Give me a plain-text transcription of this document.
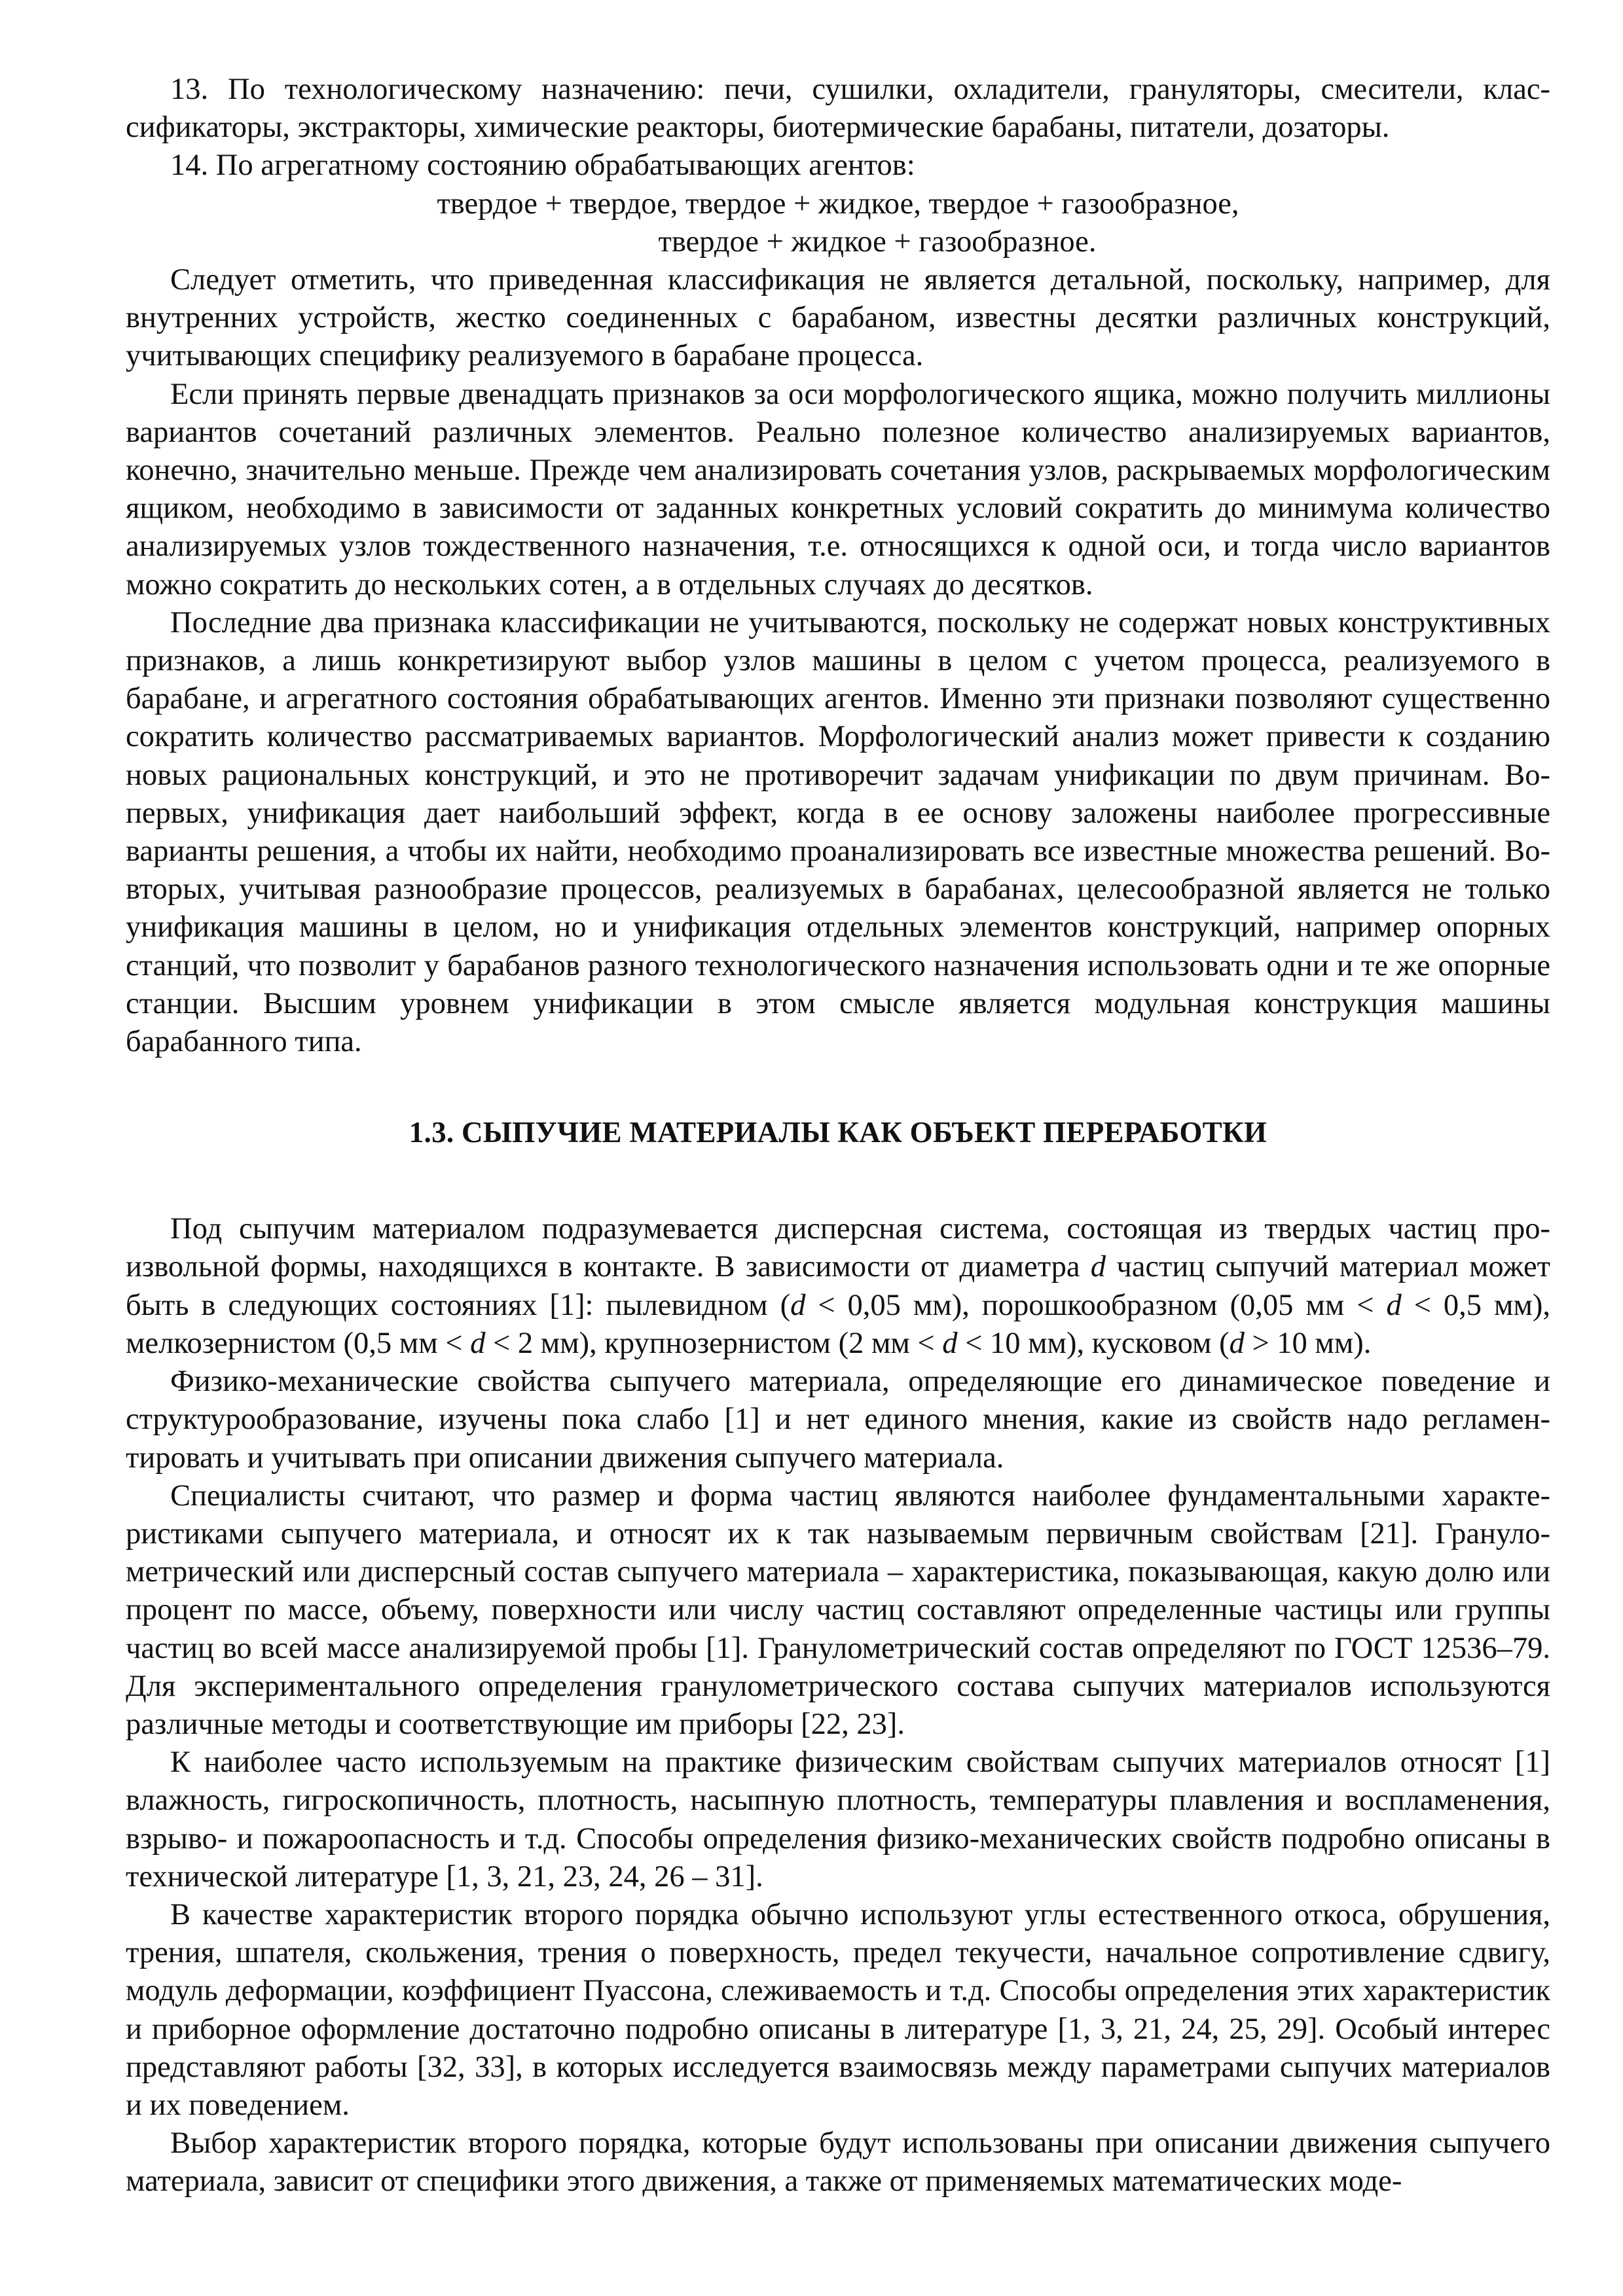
13. По технологическому назначению: печи, сушилки, охладители, грануляторы, смесители, классификаторы, экстракторы, химические реакторы, биотермические барабаны, питатели, дозаторы.

14. По агрегатному состоянию обрабатывающих агентов:

твердое + твердое, твердое + жидкое, твердое + газообразное,

твердое + жидкое + газообразное.

Следует отметить, что приведенная классификация не является детальной, поскольку, например, для внутренних устройств, жестко соединенных с барабаном, известны десятки различных конструкций, учитывающих специфику реализуемого в барабане процесса.

Если принять первые двенадцать признаков за оси морфологического ящика, можно получить миллионы вариантов сочетаний различных элементов. Реально полезное количество анализируемых вариантов, конечно, значительно меньше. Прежде чем анализировать сочетания узлов, раскрываемых морфологическим ящиком, необходимо в зависимости от заданных конкретных условий сократить до минимума количество анализируемых узлов тождественного назначения, т.е. относящихся к одной оси, и тогда число вариантов можно сократить до нескольких сотен, а в отдельных случаях до десятков.

Последние два признака классификации не учитываются, поскольку не содержат новых конструктивных признаков, а лишь конкретизируют выбор узлов машины в целом с учетом процесса, реализуемого в барабане, и агрегатного состояния обрабатывающих агентов. Именно эти признаки позволяют существенно сократить количество рассматриваемых вариантов. Морфологический анализ может привести к созданию новых рациональных конструкций, и это не противоречит задачам унификации по двум причинам. Во-первых, унификация дает наибольший эффект, когда в ее основу заложены наиболее прогрессивные варианты решения, а чтобы их найти, необходимо проанализировать все известные множества решений. Во-вторых, учитывая разнообразие процессов, реализуемых в барабанах, целесообразной является не только унификация машины в целом, но и унификация отдельных элементов конструкций, например опорных станций, что позволит у барабанов разного технологического назначения использовать одни и те же опорные станции. Высшим уровнем унификации в этом смысле является модульная конструкция машины барабанного типа.

1.3. СЫПУЧИЕ МАТЕРИАЛЫ КАК ОБЪЕКТ ПЕРЕРАБОТКИ

Под сыпучим материалом подразумевается дисперсная система, состоящая из твердых частиц произвольной формы, находящихся в контакте. В зависимости от диаметра d частиц сыпучий материал может быть в следующих состояниях [1]: пылевидном (d < 0,05 мм), порошкообразном (0,05 мм < d < 0,5 мм), мелкозернистом (0,5 мм < d < 2 мм), крупнозернистом (2 мм < d < 10 мм), кусковом (d > 10 мм).

Физико-механические свойства сыпучего материала, определяющие его динамическое поведение и структурообразование, изучены пока слабо [1] и нет единого мнения, какие из свойств надо регламентировать и учитывать при описании движения сыпучего материала.

Специалисты считают, что размер и форма частиц являются наиболее фундаментальными характеристиками сыпучего материала, и относят их к так называемым первичным свойствам [21]. Гранулометрический или дисперсный состав сыпучего материала – характеристика, показывающая, какую долю или процент по массе, объему, поверхности или числу частиц составляют определенные частицы или группы частиц во всей массе анализируемой пробы [1]. Гранулометрический состав определяют по ГОСТ 12536–79. Для экспериментального определения гранулометрического состава сыпучих материалов используются различные методы и соответствующие им приборы [22, 23].

К наиболее часто используемым на практике физическим свойствам сыпучих материалов относят [1] влажность, гигроскопичность, плотность, насыпную плотность, температуры плавления и воспламенения, взрыво- и пожароопасность и т.д. Способы определения физико-механических свойств подробно описаны в технической литературе [1, 3, 21, 23, 24, 26 – 31].

В качестве характеристик второго порядка обычно используют углы естественного откоса, обрушения, трения, шпателя, скольжения, трения о поверхность, предел текучести, начальное сопротивление сдвигу, модуль деформации, коэффициент Пуассона, слеживаемость и т.д. Способы определения этих характеристик и приборное оформление достаточно подробно описаны в литературе [1, 3, 21, 24, 25, 29]. Особый интерес представляют работы [32, 33], в которых исследуется взаимосвязь между параметрами сыпучих материалов и их поведением.

Выбор характеристик второго порядка, которые будут использованы при описании движения сыпучего материала, зависит от специфики этого движения, а также от применяемых математических моде-
